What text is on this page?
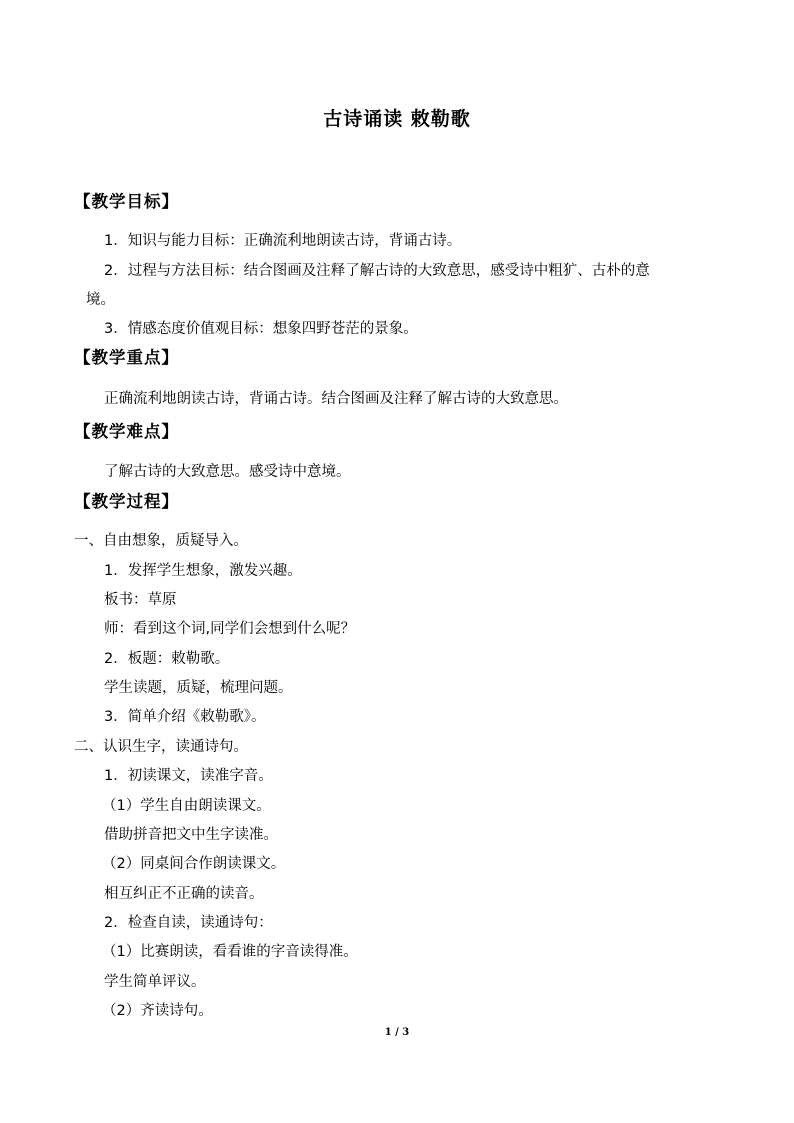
古诗诵读 敕勒歌
【教学目标】
1．知识与能力目标：正确流利地朗读古诗，背诵古诗。
2．过程与方法目标：结合图画及注释了解古诗的大致意思，感受诗中粗犷、古朴的意
境。
3．情感态度价值观目标：想象四野苍茫的景象。
【教学重点】
正确流利地朗读古诗，背诵古诗。结合图画及注释了解古诗的大致意思。
【教学难点】
了解古诗的大致意思。感受诗中意境。
【教学过程】
一、自由想象，质疑导入。
1．发挥学生想象，激发兴趣。
板书：草原
师：看到这个词,同学们会想到什么呢？
2．板题：敕勒歌。
学生读题，质疑，梳理问题。
3．简单介绍《敕勒歌》。
二、认识生字，读通诗句。
1．初读课文，读准字音。
（1）学生自由朗读课文。
借助拼音把文中生字读准。
（2）同桌间合作朗读课文。
相互纠正不正确的读音。
2．检查自读，读通诗句：
（1）比赛朗读，看看谁的字音读得准。
学生简单评议。
（2）齐读诗句。
1 / 3
